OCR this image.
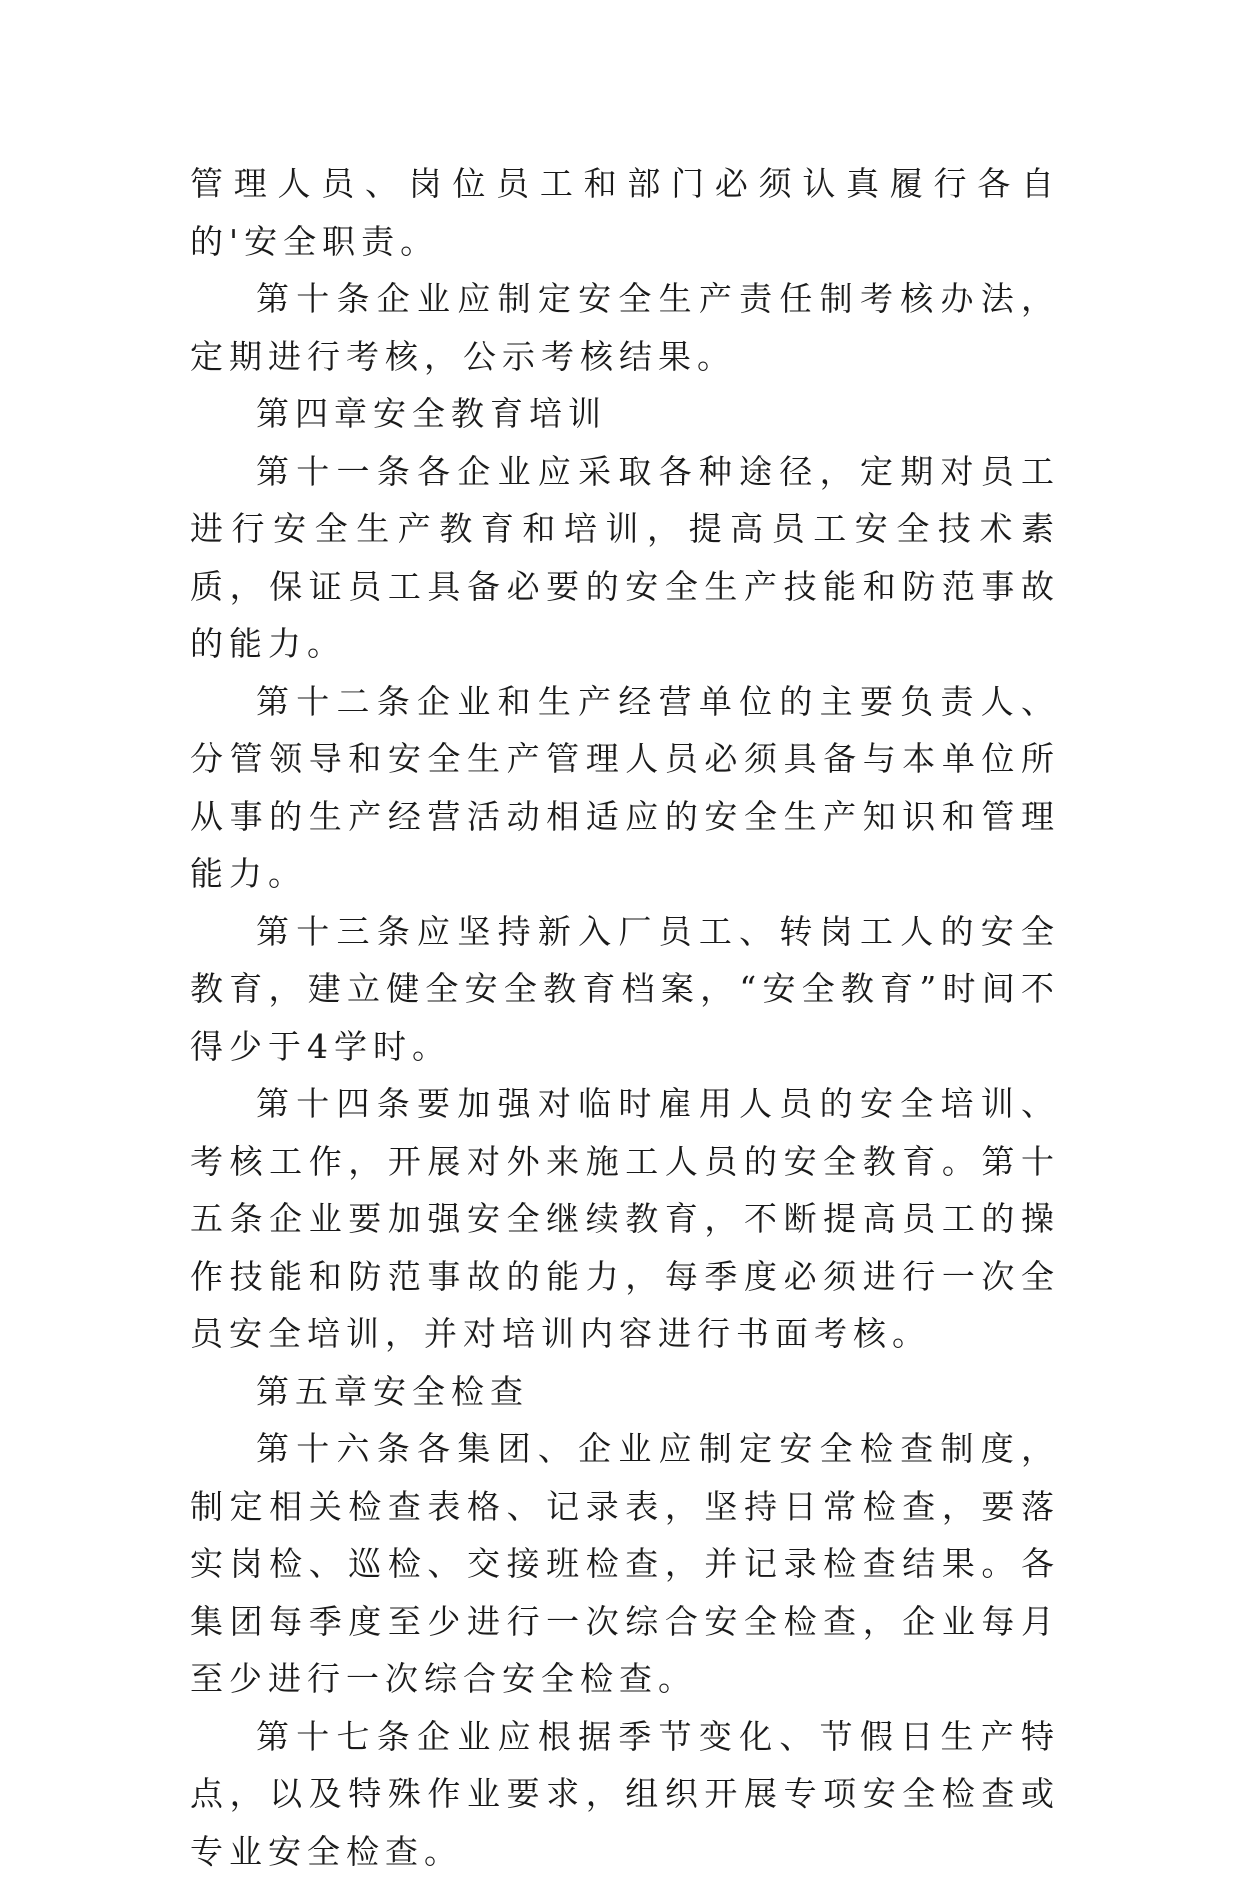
管理人员、岗位员工和部门必须认真履行各自的'安全职责。

第十条企业应制定安全生产责任制考核办法，定期进行考核，公示考核结果。

第四章安全教育培训

第十一条各企业应采取各种途径，定期对员工进行安全生产教育和培训，提高员工安全技术素质，保证员工具备必要的安全生产技能和防范事故的能力。

第十二条企业和生产经营单位的主要负责人、分管领导和安全生产管理人员必须具备与本单位所从事的生产经营活动相适应的安全生产知识和管理能力。

第十三条应坚持新入厂员工、转岗工人的安全教育，建立健全安全教育档案，“安全教育”时间不得少于4学时。

第十四条要加强对临时雇用人员的安全培训、考核工作，开展对外来施工人员的安全教育。第十五条企业要加强安全继续教育，不断提高员工的操作技能和防范事故的能力，每季度必须进行一次全员安全培训，并对培训内容进行书面考核。

第五章安全检查

第十六条各集团、企业应制定安全检查制度，制定相关检查表格、记录表，坚持日常检查，要落实岗检、巡检、交接班检查，并记录检查结果。各集团每季度至少进行一次综合安全检查，企业每月至少进行一次综合安全检查。

第十七条企业应根据季节变化、节假日生产特点，以及特殊作业要求，组织开展专项安全检查或专业安全检查。
